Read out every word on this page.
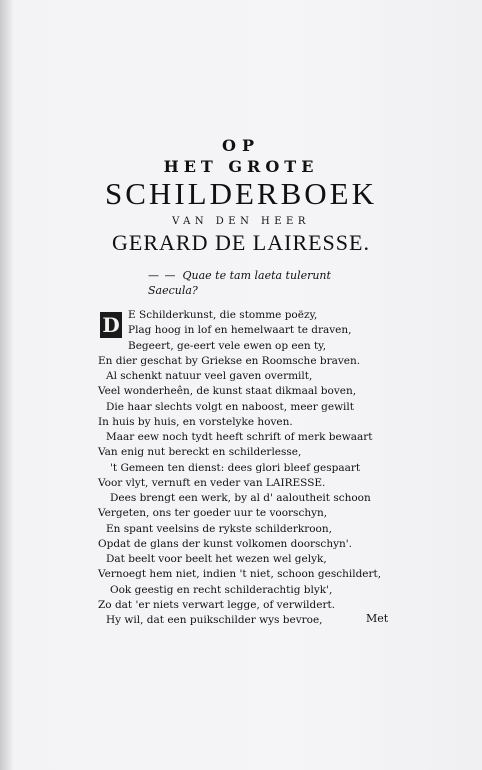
OP
HET GROTE
SCHILDERBOEK
VAN DEN HEER
GERARD DE LAIRESSE.
— — Quae te tam laeta tulerunt
Saecula?
D E Schilderkunst, die stomme poëzy,
Plag hoog in lof en hemelwaart te draven,
Begeert, ge-eert vele ewen op een ty,
En dier geschat by Griekse en Roomsche braven.
Al schenkt natuur veel gaven overmilt,
Veel wonderheên, de kunst staat dikmaal boven,
Die haar slechts volgt en naboost, meer gewilt
In huis by huis, en vorstelyke hoven.
Maar eew noch tydt heeft schrift of merk bewaart
Van enig nut bereckt en schilderlesse,
't Gemeen ten dienst: dees glori bleef gespaart
Voor vlyt, vernuft en veder van LAIRESSE.
Dees brengt een werk, by al d' aaloutheit schoon
Vergeten, ons ter goeder uur te voorschyn,
En spant veelsins de rykste schilderkroon,
Opdat de glans der kunst volkomen doorschyn'.
Dat beelt voor beelt het wezen wel gelyk,
Vernoegt hem niet, indien 't niet, schoon geschildert,
Ook geestig en recht schilderachtig blyk',
Zo dat 'er niets verwart legge, of verwildert.
Hy wil, dat een puikschilder wys bevroe,	Met
